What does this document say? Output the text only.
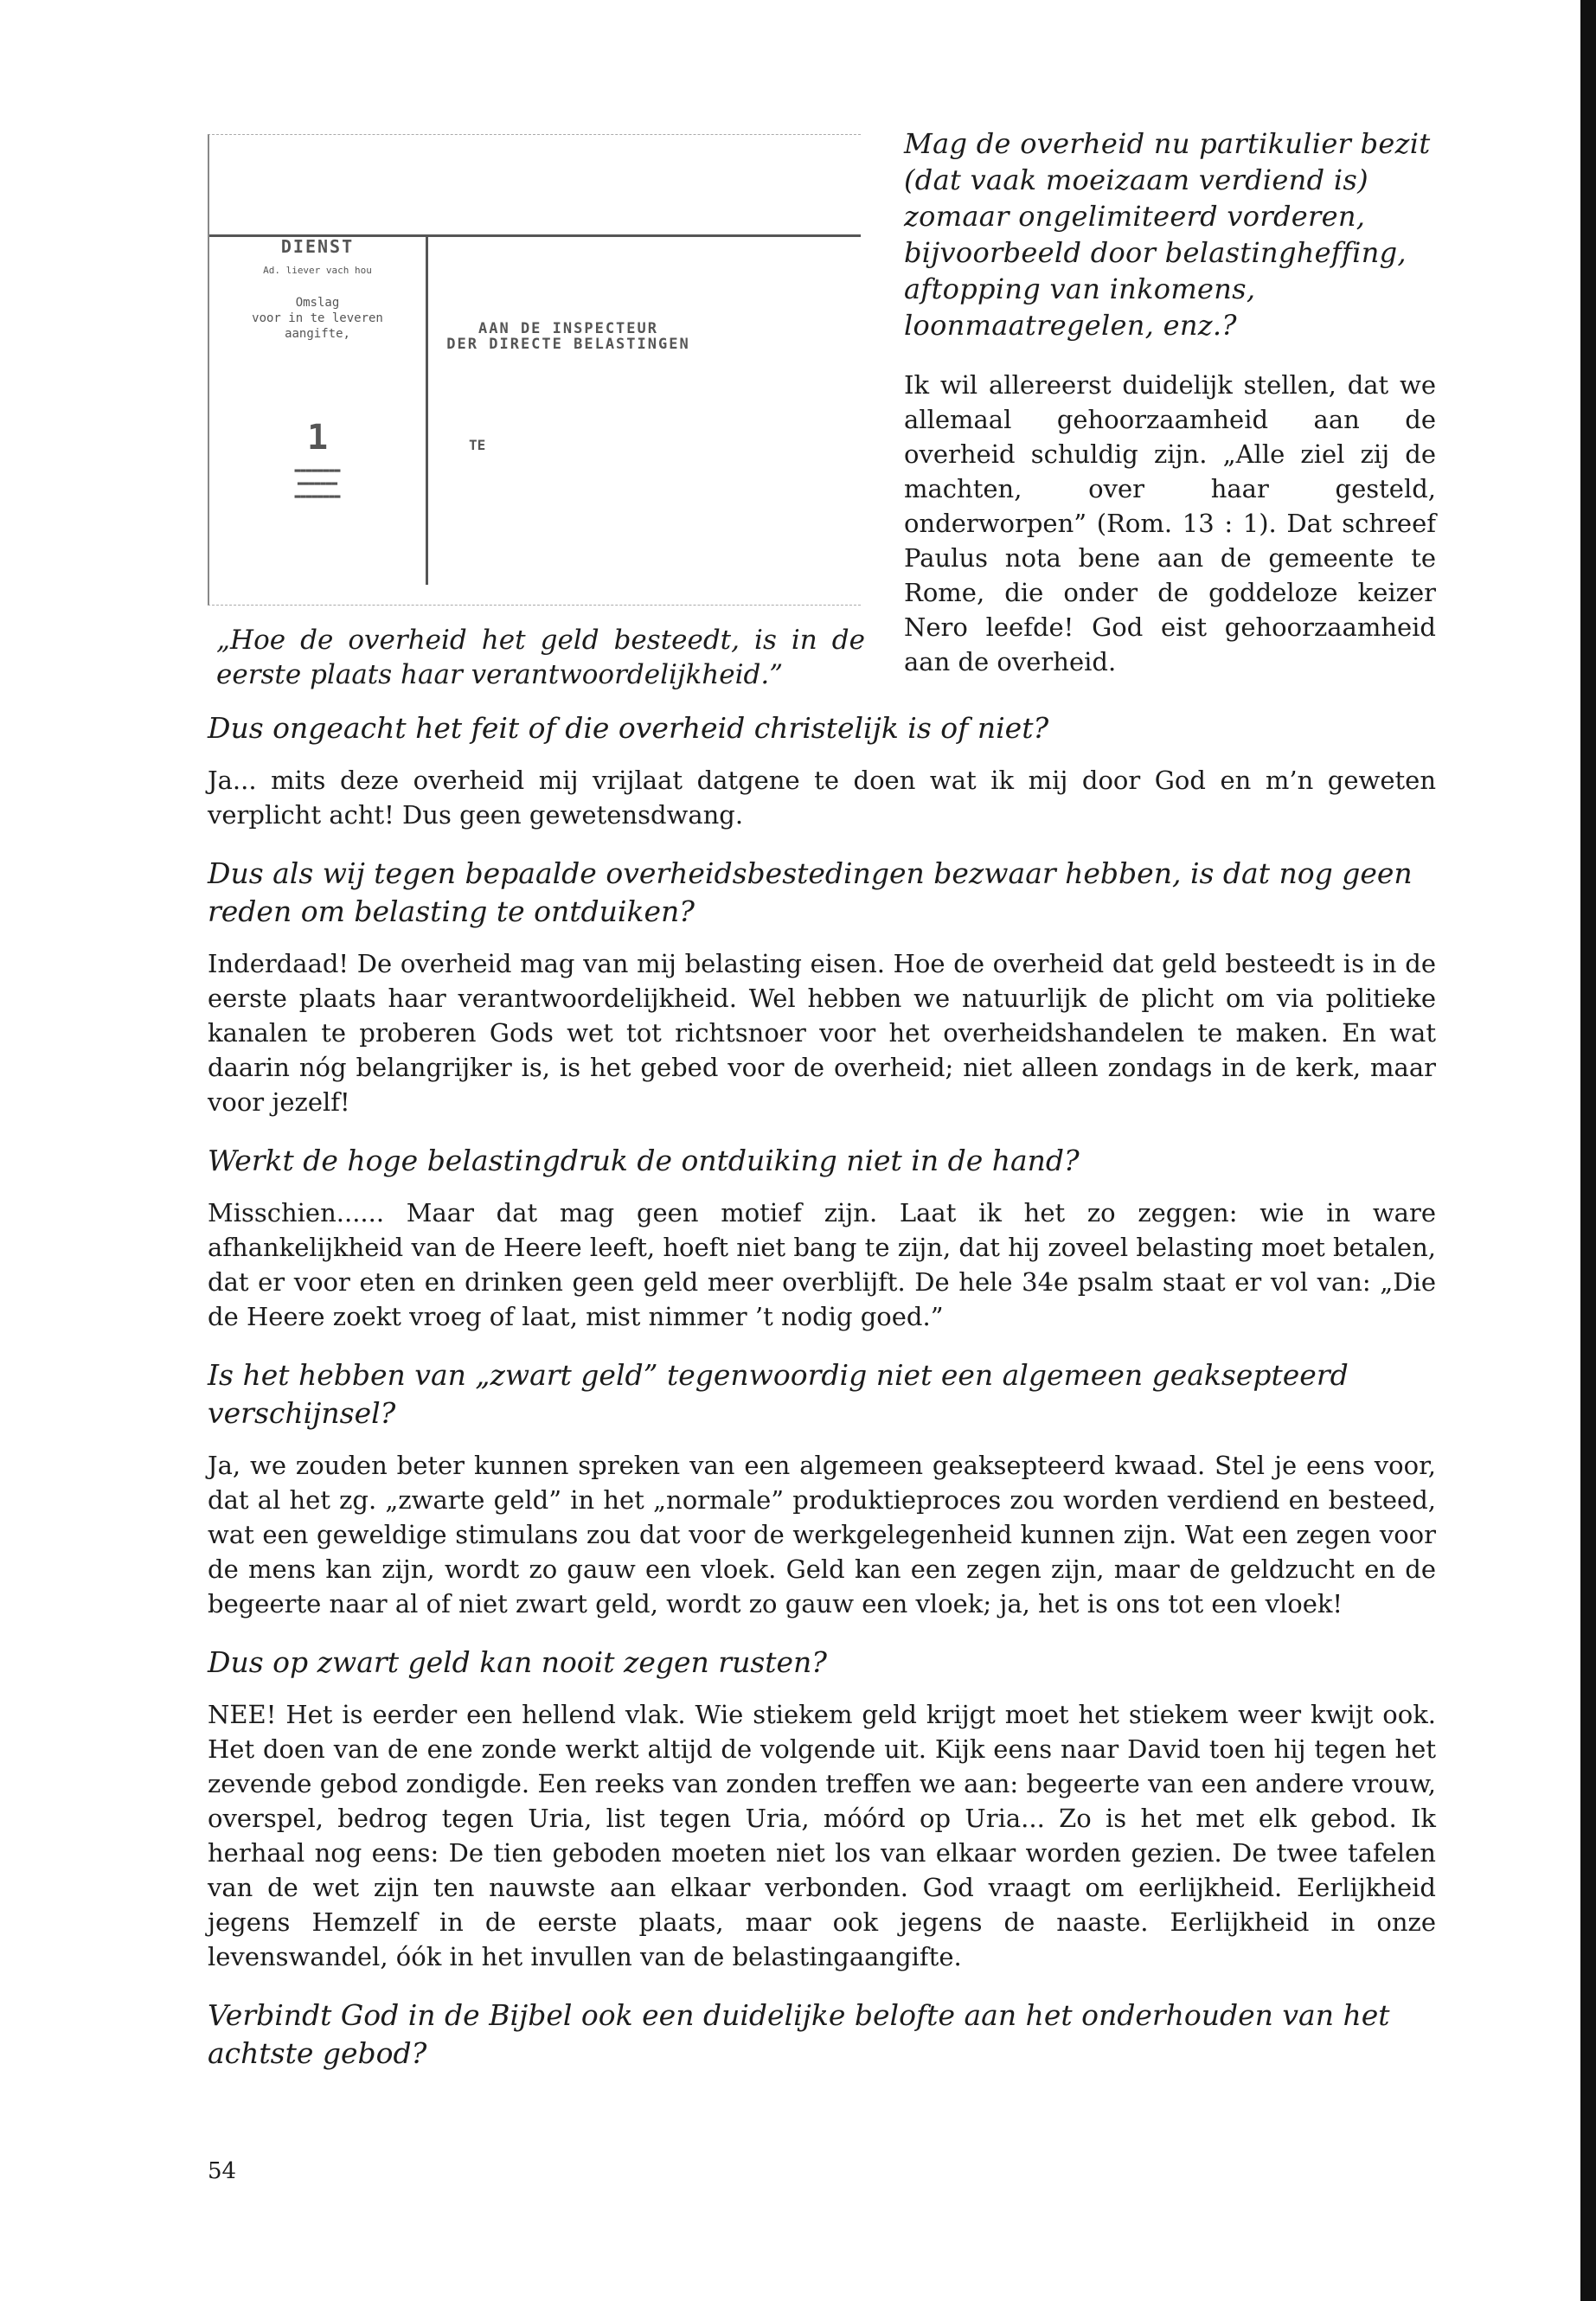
DIENST
Ad. liever vach hou
Omslag
voor in te leveren
aangifte,
1
▬▬▬▬▬▬▬▬
▬▬▬▬▬▬▬
▬▬▬▬▬▬▬▬
AAN DE INSPECTEUR
DER DIRECTE BELASTINGEN
TE
„Hoe de overheid het geld besteedt, is in de eerste plaats haar verantwoordelijkheid.”
Mag de overheid nu partikulier bezit (dat vaak moeizaam verdiend is) zomaar ongelimiteerd vorderen, bijvoorbeeld door belastingheffing, aftopping van inkomens, loonmaatregelen, enz.?
Ik wil allereerst duidelijk stellen, dat we allemaal gehoorzaamheid aan de overheid schuldig zijn. „Alle ziel zij de machten, over haar gesteld, onderworpen” (Rom. 13 : 1). Dat schreef Paulus nota bene aan de gemeente te Rome, die onder de goddeloze keizer Nero leefde! God eist gehoorzaamheid aan de overheid.

Dus ongeacht het feit of die overheid christelijk is of niet?

Ja... mits deze overheid mij vrijlaat datgene te doen wat ik mij door God en m’n geweten verplicht acht! Dus geen gewetensdwang.

Dus als wij tegen bepaalde overheidsbestedingen bezwaar hebben, is dat nog geen reden om belasting te ontduiken?

Inderdaad! De overheid mag van mij belasting eisen. Hoe de overheid dat geld besteedt is in de eerste plaats haar verantwoordelijkheid. Wel hebben we natuurlijk de plicht om via politieke kanalen te proberen Gods wet tot richtsnoer voor het overheidshandelen te maken. En wat daarin nóg belangrijker is, is het gebed voor de overheid; niet alleen zondags in de kerk, maar voor jezelf!

Werkt de hoge belastingdruk de ontduiking niet in de hand?

Misschien...... Maar dat mag geen motief zijn. Laat ik het zo zeggen: wie in ware afhankelijkheid van de Heere leeft, hoeft niet bang te zijn, dat hij zoveel belasting moet betalen, dat er voor eten en drinken geen geld meer overblijft. De hele 34e psalm staat er vol van: „Die de Heere zoekt vroeg of laat, mist nimmer ’t nodig goed.”

Is het hebben van „zwart geld” tegenwoordig niet een algemeen geaksepteerd verschijnsel?

Ja, we zouden beter kunnen spreken van een algemeen geaksepteerd kwaad. Stel je eens voor, dat al het zg. „zwarte geld” in het „normale” produktieproces zou worden verdiend en besteed, wat een geweldige stimulans zou dat voor de werkgelegenheid kunnen zijn. Wat een zegen voor de mens kan zijn, wordt zo gauw een vloek. Geld kan een zegen zijn, maar de geldzucht en de begeerte naar al of niet zwart geld, wordt zo gauw een vloek; ja, het is ons tot een vloek!

Dus op zwart geld kan nooit zegen rusten?

NEE! Het is eerder een hellend vlak. Wie stiekem geld krijgt moet het stiekem weer kwijt ook. Het doen van de ene zonde werkt altijd de volgende uit. Kijk eens naar David toen hij tegen het zevende gebod zondigde. Een reeks van zonden treffen we aan: begeerte van een andere vrouw, overspel, bedrog tegen Uria, list tegen Uria, móórd op Uria... Zo is het met elk gebod. Ik herhaal nog eens: De tien geboden moeten niet los van elkaar worden gezien. De twee tafelen van de wet zijn ten nauwste aan elkaar verbonden. God vraagt om eerlijkheid. Eerlijkheid jegens Hemzelf in de eerste plaats, maar ook jegens de naaste. Eerlijkheid in onze levenswandel, óók in het invullen van de belastingaangifte.

Verbindt God in de Bijbel ook een duidelijke belofte aan het onderhouden van het achtste gebod?

54
